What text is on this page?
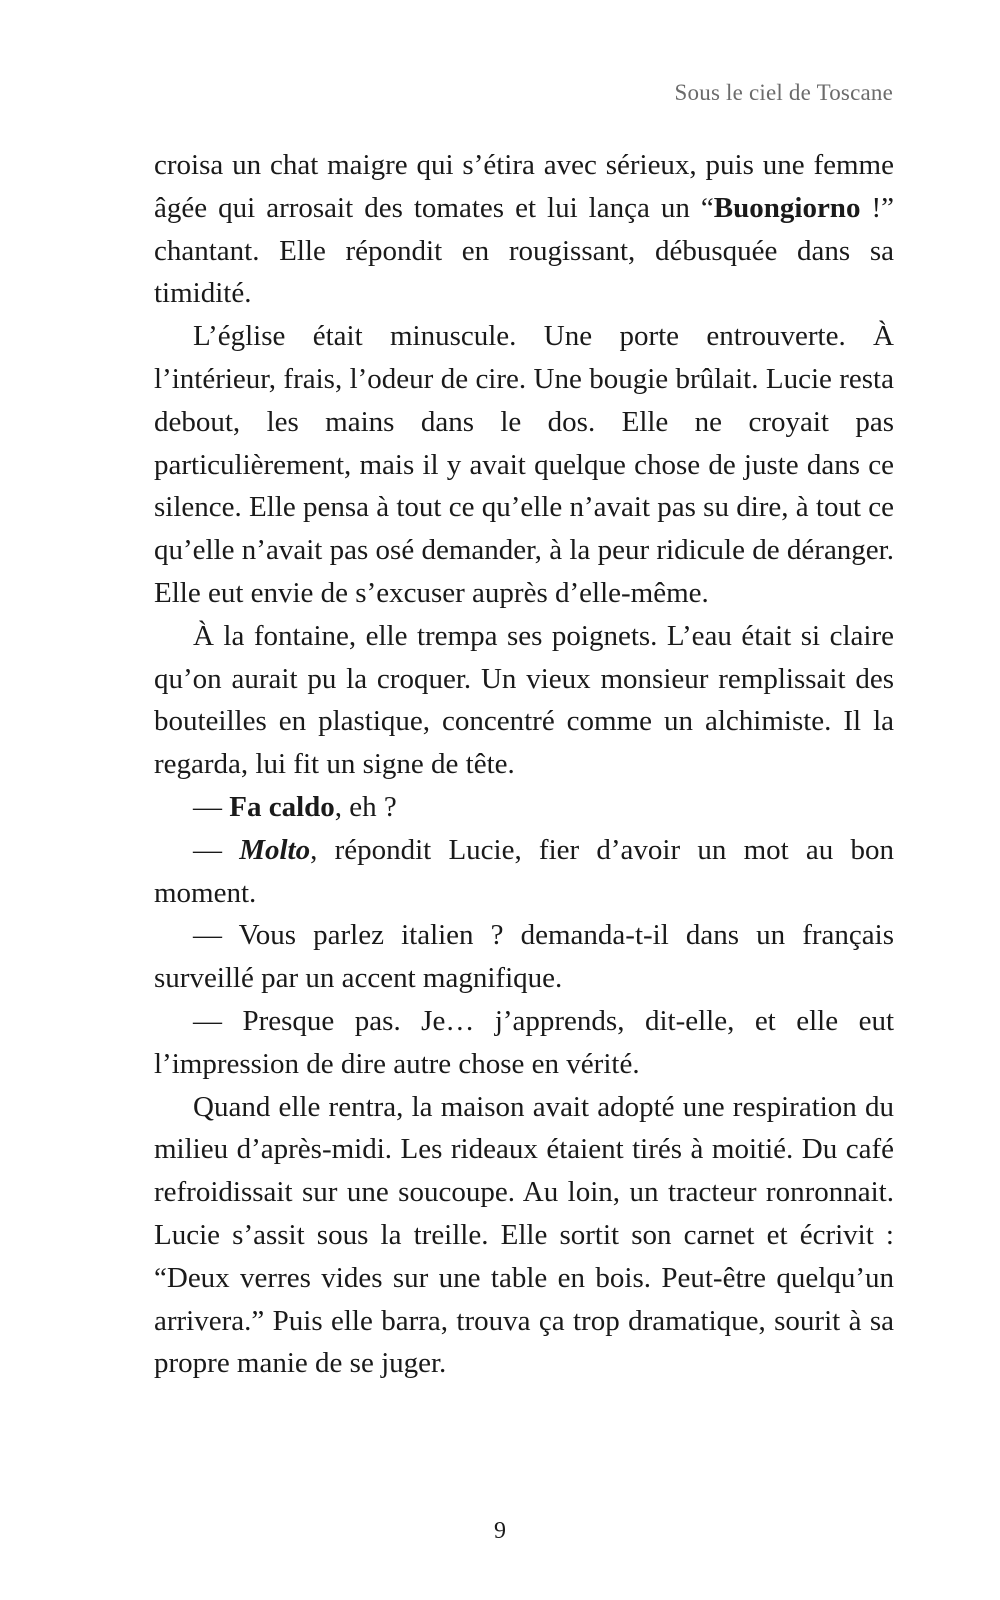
Sous le ciel de Toscane

croisa un chat maigre qui s’étira avec sérieux, puis une femme âgée qui arrosait des tomates et lui lança un “Buongiorno !” chantant. Elle répondit en rougissant, débusquée dans sa timidité.

L’église était minuscule. Une porte entrouverte. À l’intérieur, frais, l’odeur de cire. Une bougie brûlait. Lucie resta debout, les mains dans le dos. Elle ne croyait pas particulièrement, mais il y avait quelque chose de juste dans ce silence. Elle pensa à tout ce qu’elle n’avait pas su dire, à tout ce qu’elle n’avait pas osé demander, à la peur ridicule de déranger. Elle eut envie de s’excuser auprès d’elle-même.

À la fontaine, elle trempa ses poignets. L’eau était si claire qu’on aurait pu la croquer. Un vieux monsieur remplissait des bouteilles en plastique, concentré comme un alchimiste. Il la regarda, lui fit un signe de tête.

— Fa caldo, eh ?

— Molto, répondit Lucie, fier d’avoir un mot au bon moment.

— Vous parlez italien ? demanda-t-il dans un français surveillé par un accent magnifique.

— Presque pas. Je… j’apprends, dit-elle, et elle eut l’impression de dire autre chose en vérité.

Quand elle rentra, la maison avait adopté une respiration du milieu d’après-midi. Les rideaux étaient tirés à moitié. Du café refroidissait sur une soucoupe. Au loin, un tracteur ronronnait. Lucie s’assit sous la treille. Elle sortit son carnet et écrivit : “Deux verres vides sur une table en bois. Peut-être quelqu’un arrivera.” Puis elle barra, trouva ça trop dramatique, sourit à sa propre manie de se juger.

9
